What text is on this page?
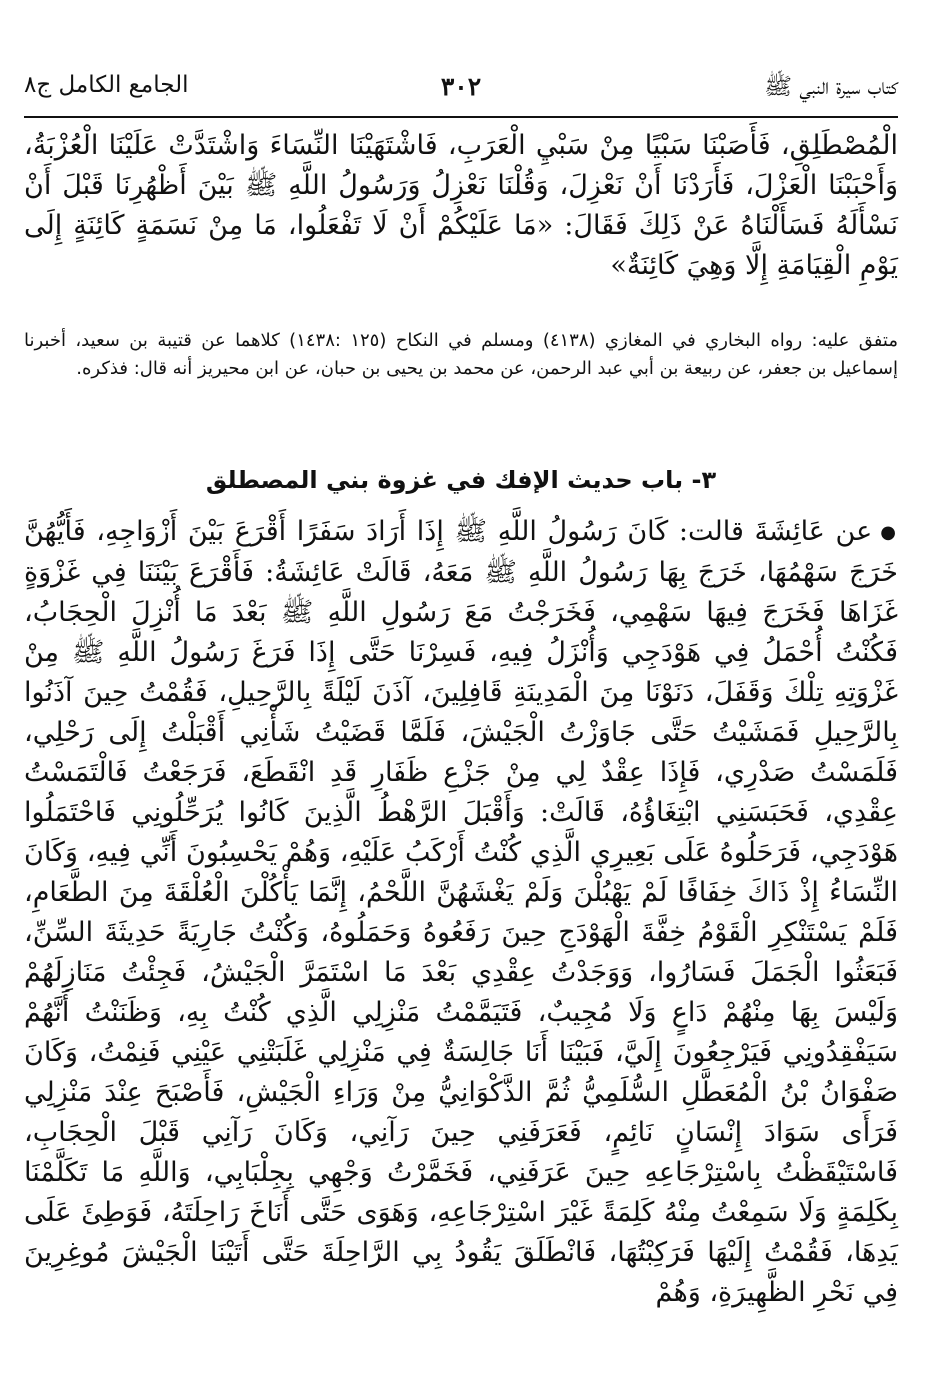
كتاب سيرة النبي ﷺ
٣٠٢
الجامع الكامل ج٨

الْمُصْطَلِقِ، فَأَصَبْنَا سَبْيًا مِنْ سَبْيِ الْعَرَبِ، فَاشْتَهَيْنَا النِّسَاءَ وَاشْتَدَّتْ عَلَيْنَا الْعُزْبَةُ، وَأَحْبَبْنَا الْعَزْلَ، فَأَرَدْنَا أَنْ نَعْزِلَ، وَقُلْنَا نَعْزِلُ وَرَسُولُ اللَّهِ ﷺ بَيْنَ أَظْهُرِنَا قَبْلَ أَنْ نَسْأَلَهُ فَسَأَلْنَاهُ عَنْ ذَلِكَ فَقَالَ: «مَا عَلَيْكُمْ أَنْ لَا تَفْعَلُوا، مَا مِنْ نَسَمَةٍ كَائِنَةٍ إِلَى يَوْمِ الْقِيَامَةِ إِلَّا وَهِيَ كَائِنَةٌ»

متفق عليه: رواه البخاري في المغازي (٤١٣٨) ومسلم في النكاح (١٢٥ :١٤٣٨) كلاهما عن قتيبة بن سعيد، أخبرنا إسماعيل بن جعفر، عن ربيعة بن أبي عبد الرحمن، عن محمد بن يحيى بن حبان، عن ابن محيريز أنه قال: فذكره.

٣- باب حديث الإفك في غزوة بني المصطلق

●عن عَائِشَةَ قالت: كَانَ رَسُولُ اللَّهِ ﷺ إِذَا أَرَادَ سَفَرًا أَقْرَعَ بَيْنَ أَزْوَاجِهِ، فَأَيُّهُنَّ خَرَجَ سَهْمُهَا، خَرَجَ بِهَا رَسُولُ اللَّهِ ﷺ مَعَهُ، قَالَتْ عَائِشَةُ: فَأَقْرَعَ بَيْنَنَا فِي غَزْوَةٍ غَزَاهَا فَخَرَجَ فِيهَا سَهْمِي، فَخَرَجْتُ مَعَ رَسُولِ اللَّهِ ﷺ بَعْدَ مَا أُنْزِلَ الْحِجَابُ، فَكُنْتُ أُحْمَلُ فِي هَوْدَجِي وَأُنْزَلُ فِيهِ، فَسِرْنَا حَتَّى إِذَا فَرَغَ رَسُولُ اللَّهِ ﷺ مِنْ غَزْوَتِهِ تِلْكَ وَقَفَلَ، دَنَوْنَا مِنَ الْمَدِينَةِ قَافِلِينَ، آذَنَ لَيْلَةً بِالرَّحِيلِ، فَقُمْتُ حِينَ آذَنُوا بِالرَّحِيلِ فَمَشَيْتُ حَتَّى جَاوَزْتُ الْجَيْشَ، فَلَمَّا قَضَيْتُ شَأْنِي أَقْبَلْتُ إِلَى رَحْلِي، فَلَمَسْتُ صَدْرِي، فَإِذَا عِقْدٌ لِي مِنْ جَزْعِ ظَفَارِ قَدِ انْقَطَعَ، فَرَجَعْتُ فَالْتَمَسْتُ عِقْدِي، فَحَبَسَنِي ابْتِغَاؤُهُ، قَالَتْ: وَأَقْبَلَ الرَّهْطُ الَّذِينَ كَانُوا يُرَحِّلُونِي فَاحْتَمَلُوا هَوْدَجِي، فَرَحَلُوهُ عَلَى بَعِيرِي الَّذِي كُنْتُ أَرْكَبُ عَلَيْهِ، وَهُمْ يَحْسِبُونَ أَنِّي فِيهِ، وَكَانَ النِّسَاءُ إِذْ ذَاكَ خِفَافًا لَمْ يَهْبُلْنَ وَلَمْ يَغْشَهُنَّ اللَّحْمُ، إِنَّمَا يَأْكُلْنَ الْعُلْقَةَ مِنَ الطَّعَامِ، فَلَمْ يَسْتَنْكِرِ الْقَوْمُ خِفَّةَ الْهَوْدَجِ حِينَ رَفَعُوهُ وَحَمَلُوهُ، وَكُنْتُ جَارِيَةً حَدِيثَةَ السِّنِّ، فَبَعَثُوا الْجَمَلَ فَسَارُوا، وَوَجَدْتُ عِقْدِي بَعْدَ مَا اسْتَمَرَّ الْجَيْشُ، فَجِئْتُ مَنَازِلَهُمْ وَلَيْسَ بِهَا مِنْهُمْ دَاعٍ وَلَا مُجِيبٌ، فَتَيَمَّمْتُ مَنْزِلِي الَّذِي كُنْتُ بِهِ، وَظَنَنْتُ أَنَّهُمْ سَيَفْقِدُونِي فَيَرْجِعُونَ إِلَيَّ، فَبَيْنَا أَنَا جَالِسَةٌ فِي مَنْزِلِي غَلَبَتْنِي عَيْنِي فَنِمْتُ، وَكَانَ صَفْوَانُ بْنُ الْمُعَطَّلِ السُّلَمِيُّ ثُمَّ الذَّكْوَانِيُّ مِنْ وَرَاءِ الْجَيْشِ، فَأَصْبَحَ عِنْدَ مَنْزِلِي فَرَأَى سَوَادَ إِنْسَانٍ نَائِمٍ، فَعَرَفَنِي حِينَ رَآنِي، وَكَانَ رَآنِي قَبْلَ الْحِجَابِ، فَاسْتَيْقَظْتُ بِاسْتِرْجَاعِهِ حِينَ عَرَفَنِي، فَخَمَّرْتُ وَجْهِي بِجِلْبَابِي، وَاللَّهِ مَا تَكَلَّمْنَا بِكَلِمَةٍ وَلَا سَمِعْتُ مِنْهُ كَلِمَةً غَيْرَ اسْتِرْجَاعِهِ، وَهَوَى حَتَّى أَنَاخَ رَاحِلَتَهُ، فَوَطِئَ عَلَى يَدِهَا، فَقُمْتُ إِلَيْهَا فَرَكِبْتُهَا، فَانْطَلَقَ يَقُودُ بِي الرَّاحِلَةَ حَتَّى أَتَيْنَا الْجَيْشَ مُوغِرِينَ فِي نَحْرِ الظَّهِيرَةِ، وَهُمْ
